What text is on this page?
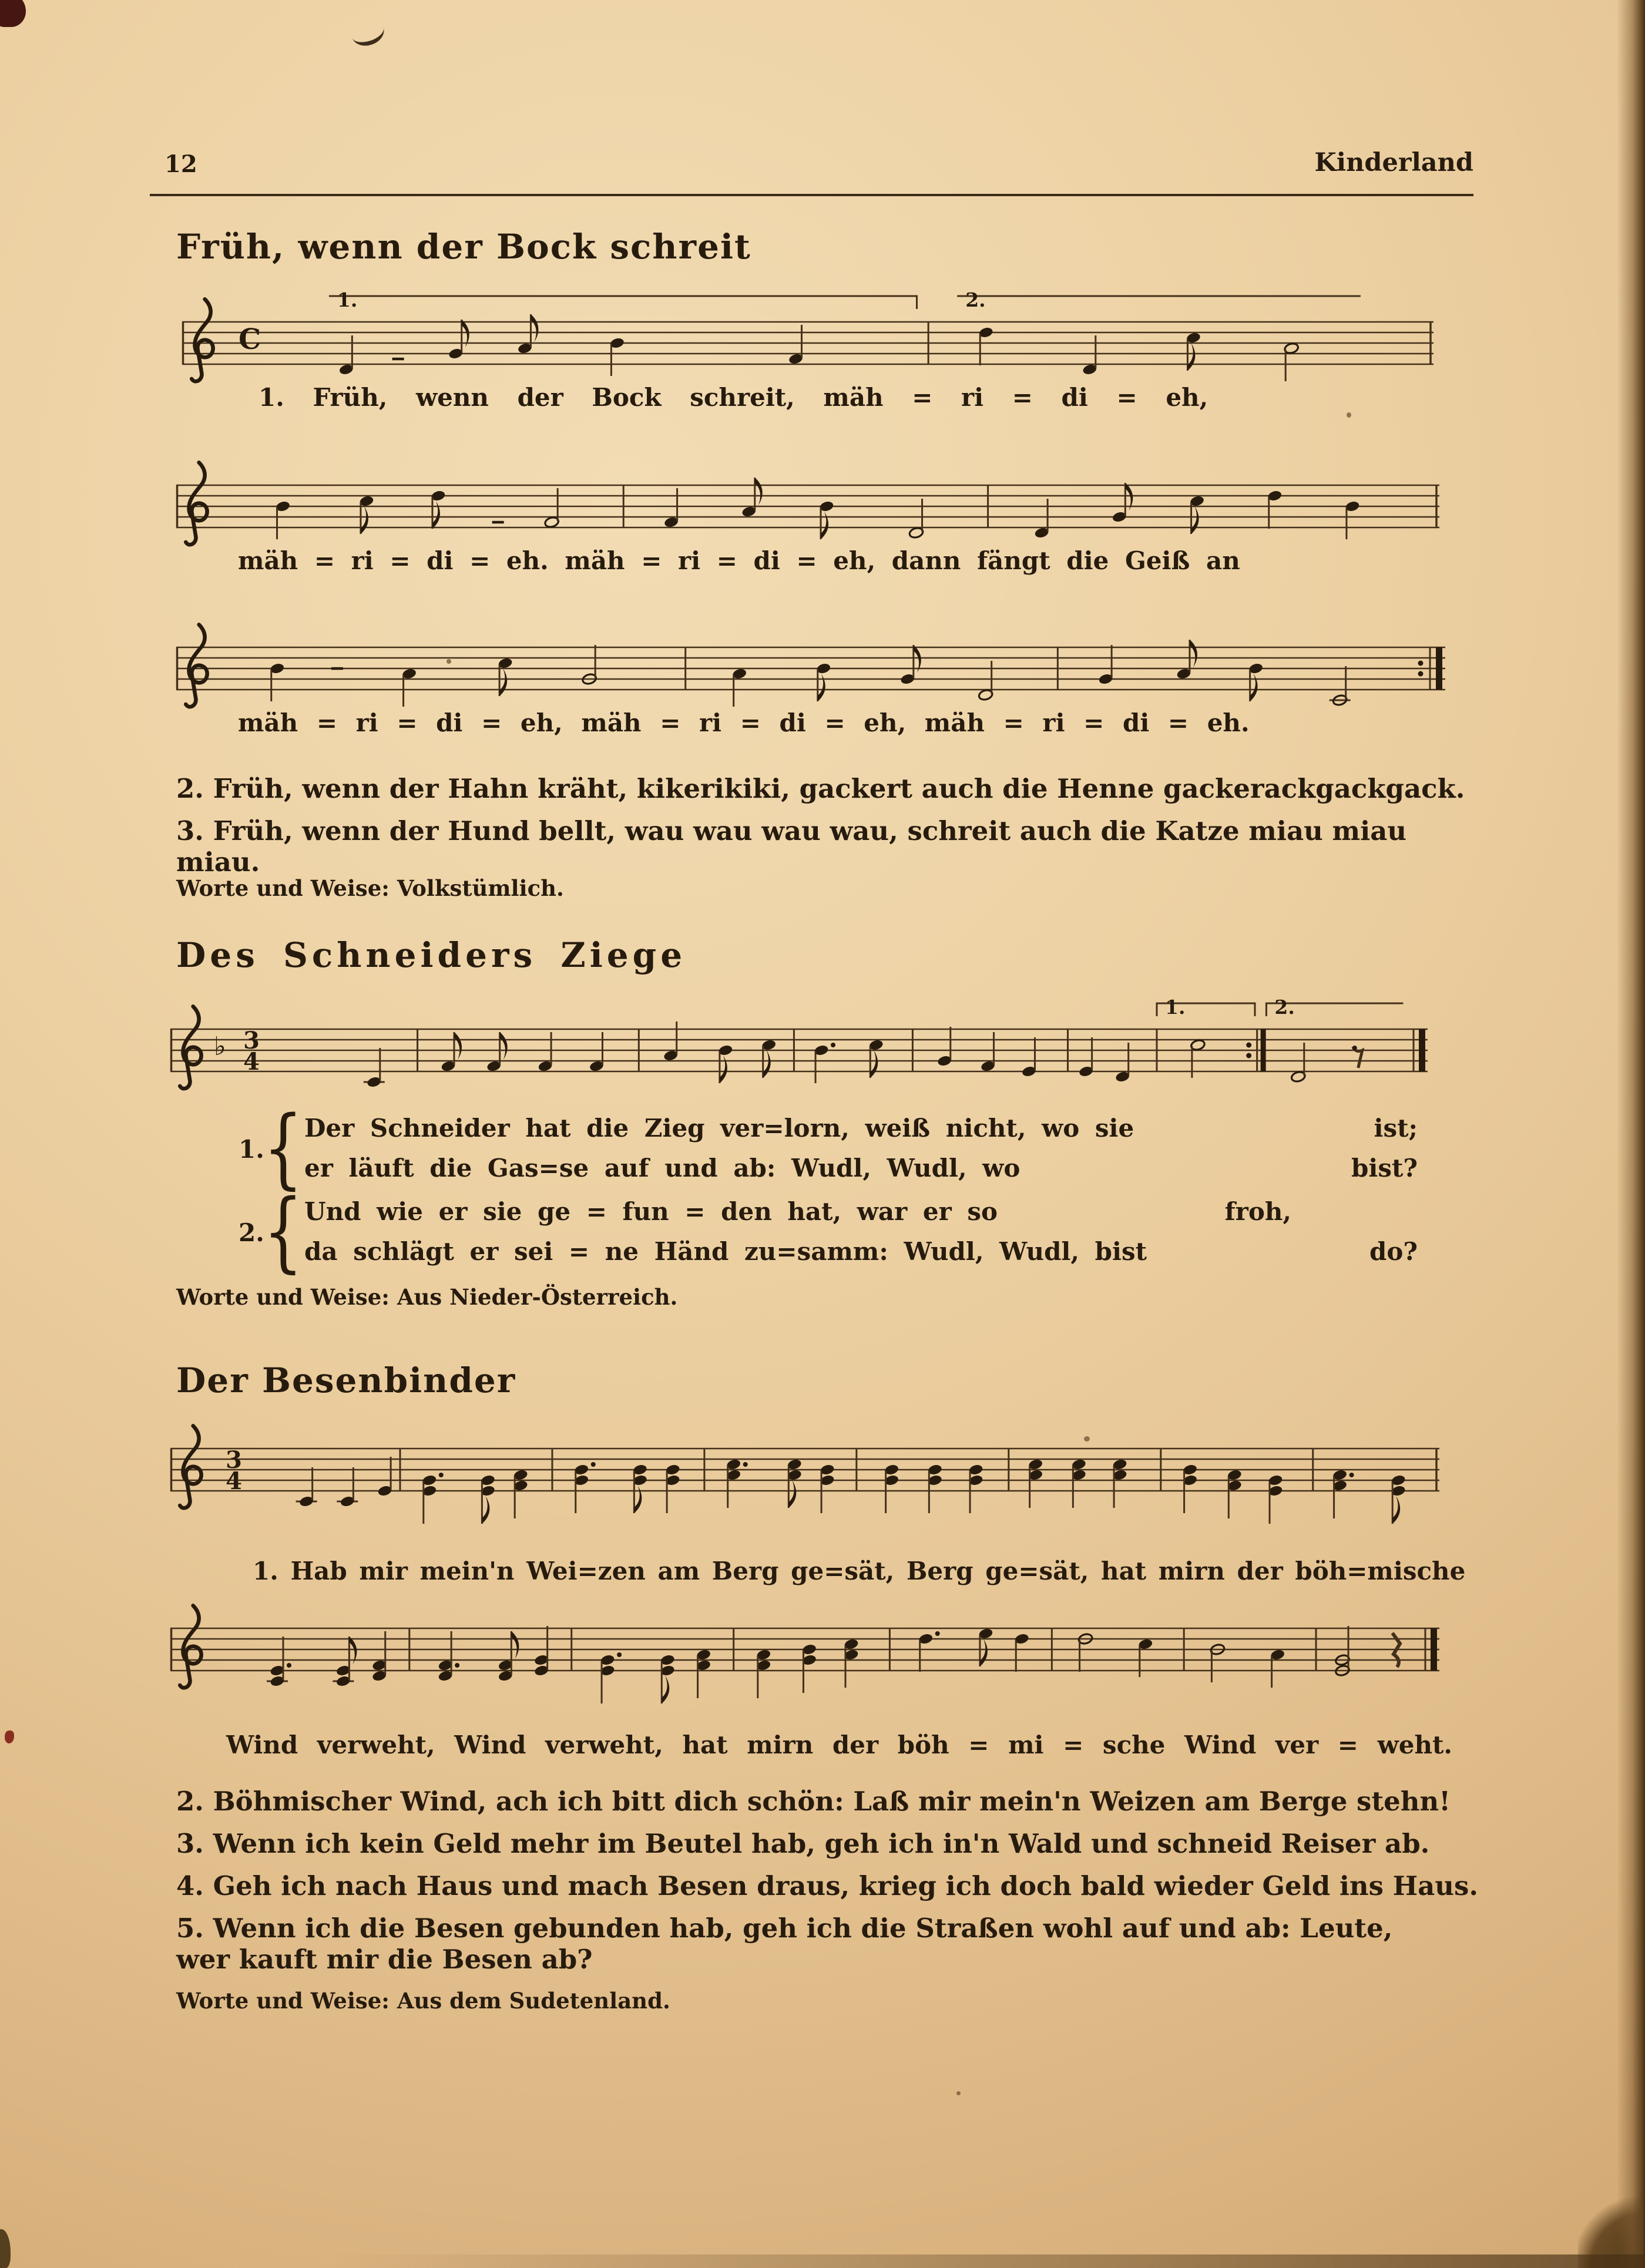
12	Kinderland
Früh, wenn der Bock schreit
C
1.	2.
1. Früh, wenn der Bock schreit, mäh = ri = di = eh,
mäh = ri = di = eh. mäh = ri = di = eh, dann fängt die Geiß an
mäh = ri = di = eh, mäh = ri = di = eh, mäh = ri = di = eh.
2. Früh, wenn der Hahn kräht, kikerikiki, gackert auch die Henne gackerackgackgack.
3. Früh, wenn der Hund bellt, wau wau wau wau, schreit auch die Katze miau miau miau.
Worte und Weise: Volkstümlich.
Des Schneiders Ziege
♭ 3
4
1.	2.
1.
{ Der Schneider hat die Zieg ver=lorn, weiß nicht, wo sie	ist;
er läuft die Gas=se auf und ab: Wudl, Wudl, wo	bist?
2.
{ Und wie er sie ge = fun = den hat, war er so	froh,
da schlägt er sei = ne Händ zu=samm: Wudl, Wudl, bist	do?
Worte und Weise: Aus Nieder-Österreich.
Der Besenbinder
3
4
1. Hab mir mein'n Wei=zen am Berg ge=sät, Berg ge=sät, hat mirn der böh=mische
Wind verweht, Wind verweht, hat mirn der böh = mi = sche Wind ver = weht.
2. Böhmischer Wind, ach ich bitt dich schön: Laß mir mein'n Weizen am Berge stehn!
3. Wenn ich kein Geld mehr im Beutel hab, geh ich in'n Wald und schneid Reiser ab.
4. Geh ich nach Haus und mach Besen draus, krieg ich doch bald wieder Geld ins Haus.
5. Wenn ich die Besen gebunden hab, geh ich die Straßen wohl auf und ab: Leute, wer kauft mir die Besen ab?
Worte und Weise: Aus dem Sudetenland.
